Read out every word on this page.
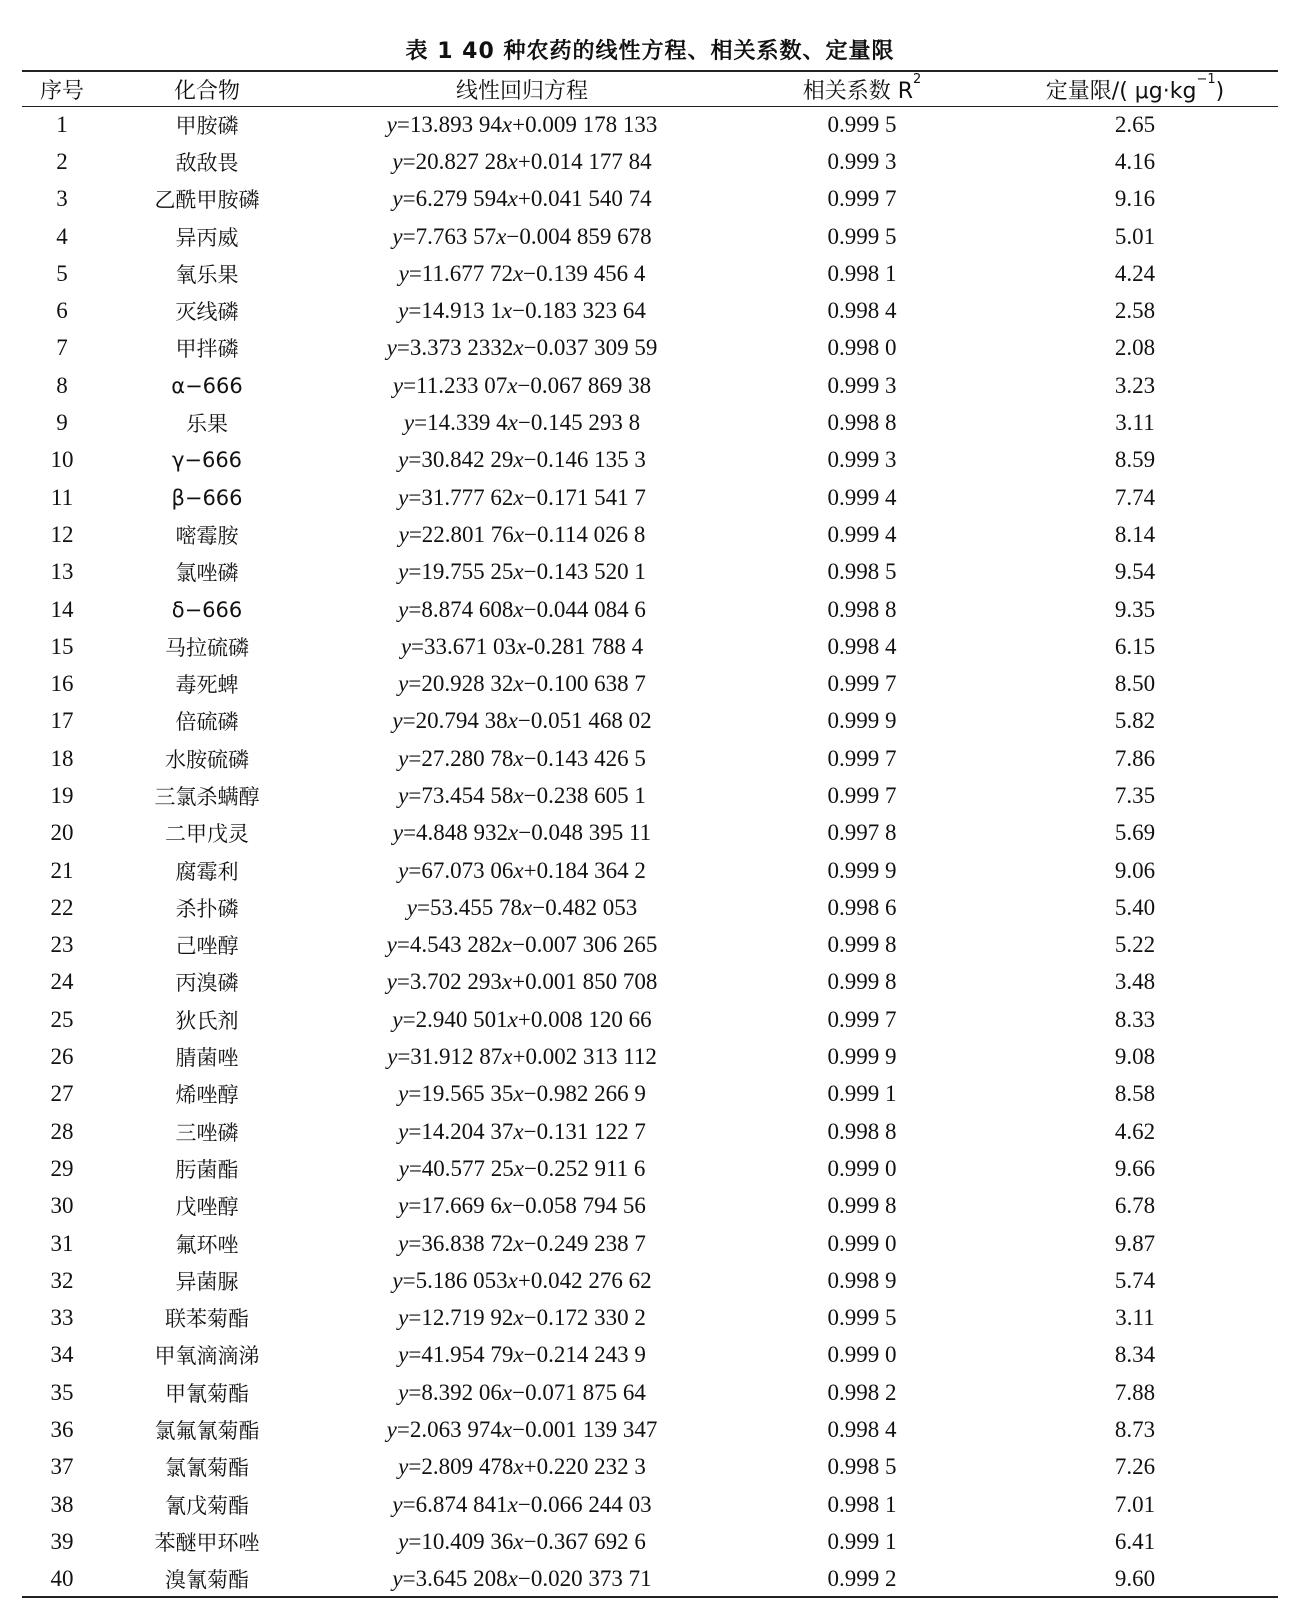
表 1 40 种农药的线性方程、相关系数、定量限
序号	化合物	线性回归方程	相关系数 $R^2$	定量限/( $\mu g\cdot kg^{-1}$)
1	甲胺磷	y=13.893 94x+0.009 178 133	0.999 5	2.65
2	敌敌畏	y=20.827 28x+0.014 177 84	0.999 3	4.16
3	乙酰甲胺磷	y=6.279 594x+0.041 540 74	0.999 7	9.16
4	异丙威	y=7.763 57x−0.004 859 678	0.999 5	5.01
5	氧乐果	y=11.677 72x−0.139 456 4	0.998 1	4.24
6	灭线磷	y=14.913 1x−0.183 323 64	0.998 4	2.58
7	甲拌磷	y=3.373 2332x−0.037 309 59	0.998 0	2.08
8	α−666	y=11.233 07x−0.067 869 38	0.999 3	3.23
9	乐果	y=14.339 4x−0.145 293 8	0.998 8	3.11
10	γ−666	y=30.842 29x−0.146 135 3	0.999 3	8.59
11	β−666	y=31.777 62x−0.171 541 7	0.999 4	7.74
12	嘧霉胺	y=22.801 76x−0.114 026 8	0.999 4	8.14
13	氯唑磷	y=19.755 25x−0.143 520 1	0.998 5	9.54
14	δ−666	y=8.874 608x−0.044 084 6	0.998 8	9.35
15	马拉硫磷	y=33.671 03x-0.281 788 4	0.998 4	6.15
16	毒死蜱	y=20.928 32x−0.100 638 7	0.999 7	8.50
17	倍硫磷	y=20.794 38x−0.051 468 02	0.999 9	5.82
18	水胺硫磷	y=27.280 78x−0.143 426 5	0.999 7	7.86
19	三氯杀螨醇	y=73.454 58x−0.238 605 1	0.999 7	7.35
20	二甲戊灵	y=4.848 932x−0.048 395 11	0.997 8	5.69
21	腐霉利	y=67.073 06x+0.184 364 2	0.999 9	9.06
22	杀扑磷	y=53.455 78x−0.482 053	0.998 6	5.40
23	己唑醇	y=4.543 282x−0.007 306 265	0.999 8	5.22
24	丙溴磷	y=3.702 293x+0.001 850 708	0.999 8	3.48
25	狄氏剂	y=2.940 501x+0.008 120 66	0.999 7	8.33
26	腈菌唑	y=31.912 87x+0.002 313 112	0.999 9	9.08
27	烯唑醇	y=19.565 35x−0.982 266 9	0.999 1	8.58
28	三唑磷	y=14.204 37x−0.131 122 7	0.998 8	4.62
29	肟菌酯	y=40.577 25x−0.252 911 6	0.999 0	9.66
30	戊唑醇	y=17.669 6x−0.058 794 56	0.999 8	6.78
31	氟环唑	y=36.838 72x−0.249 238 7	0.999 0	9.87
32	异菌脲	y=5.186 053x+0.042 276 62	0.998 9	5.74
33	联苯菊酯	y=12.719 92x−0.172 330 2	0.999 5	3.11
34	甲氧滴滴涕	y=41.954 79x−0.214 243 9	0.999 0	8.34
35	甲氰菊酯	y=8.392 06x−0.071 875 64	0.998 2	7.88
36	氯氟氰菊酯	y=2.063 974x−0.001 139 347	0.998 4	8.73
37	氯氰菊酯	y=2.809 478x+0.220 232 3	0.998 5	7.26
38	氰戊菊酯	y=6.874 841x−0.066 244 03	0.998 1	7.01
39	苯醚甲环唑	y=10.409 36x−0.367 692 6	0.999 1	6.41
40	溴氰菊酯	y=3.645 208x−0.020 373 71	0.999 2	9.60
